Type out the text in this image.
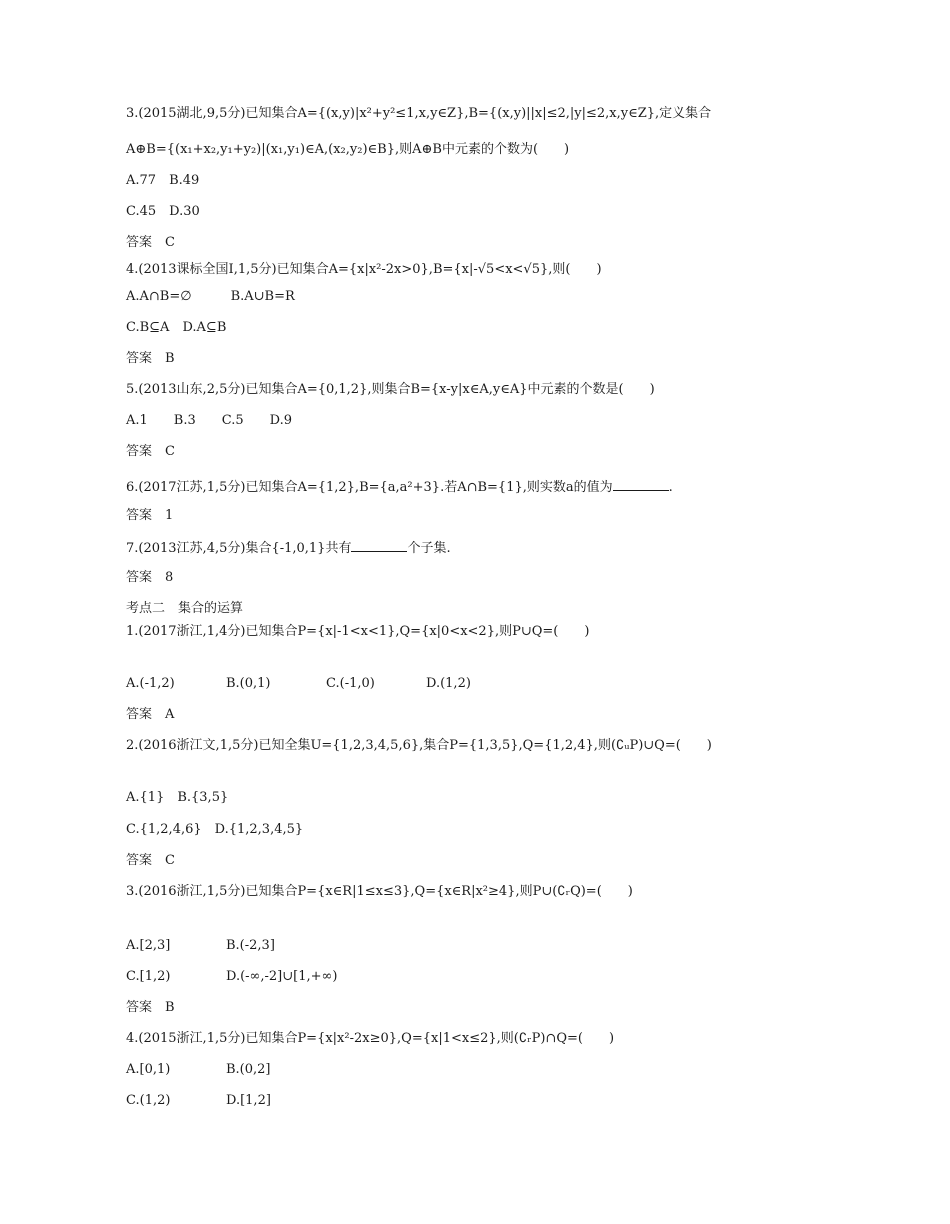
3.(2015湖北,9,5分)已知集合A={(x,y)|x²+y²≤1,x,y∈Z},B={(x,y)||x|≤2,|y|≤2,x,y∈Z},定义集合
A⊕B={(x₁+x₂,y₁+y₂)|(x₁,y₁)∈A,(x₂,y₂)∈B},则A⊕B中元素的个数为(　　)
A.77　B.49
C.45　D.30
答案　C
4.(2013课标全国Ⅰ,1,5分)已知集合A={x|x²-2x>0},B={x|-√5<x<√5},则(　　)
A.A∩B=∅　　　B.A∪B=R
C.B⊆A　D.A⊆B
答案　B
5.(2013山东,2,5分)已知集合A={0,1,2},则集合B={x-y|x∈A,y∈A}中元素的个数是(　　)
A.1　　B.3　　C.5　　D.9
答案　C
6.(2017江苏,1,5分)已知集合A={1,2},B={a,a²+3}.若A∩B={1},则实数a的值为	.
答案　1
7.(2013江苏,4,5分)集合{-1,0,1}共有	个子集.
答案　8
考点二　集合的运算
1.(2017浙江,1,4分)已知集合P={x|-1<x<1},Q={x|0<x<2},则P∪Q=(　　)
A.(-1,2)	B.(0,1)	C.(-1,0)	D.(1,2)
答案　A
2.(2016浙江文,1,5分)已知全集U={1,2,3,4,5,6},集合P={1,3,5},Q={1,2,4},则(∁ᵤP)∪Q=(　　)
A.{1}　B.{3,5}
C.{1,2,4,6}　D.{1,2,3,4,5}
答案　C
3.(2016浙江,1,5分)已知集合P={x∈R|1≤x≤3},Q={x∈R|x²≥4},则P∪(∁ᵣQ)=(　　)
A.[2,3]	B.(-2,3]
C.[1,2)	D.(-∞,-2]∪[1,+∞)
答案　B
4.(2015浙江,1,5分)已知集合P={x|x²-2x≥0},Q={x|1<x≤2},则(∁ᵣP)∩Q=(　　)
A.[0,1)	B.(0,2]
C.(1,2)	D.[1,2]
